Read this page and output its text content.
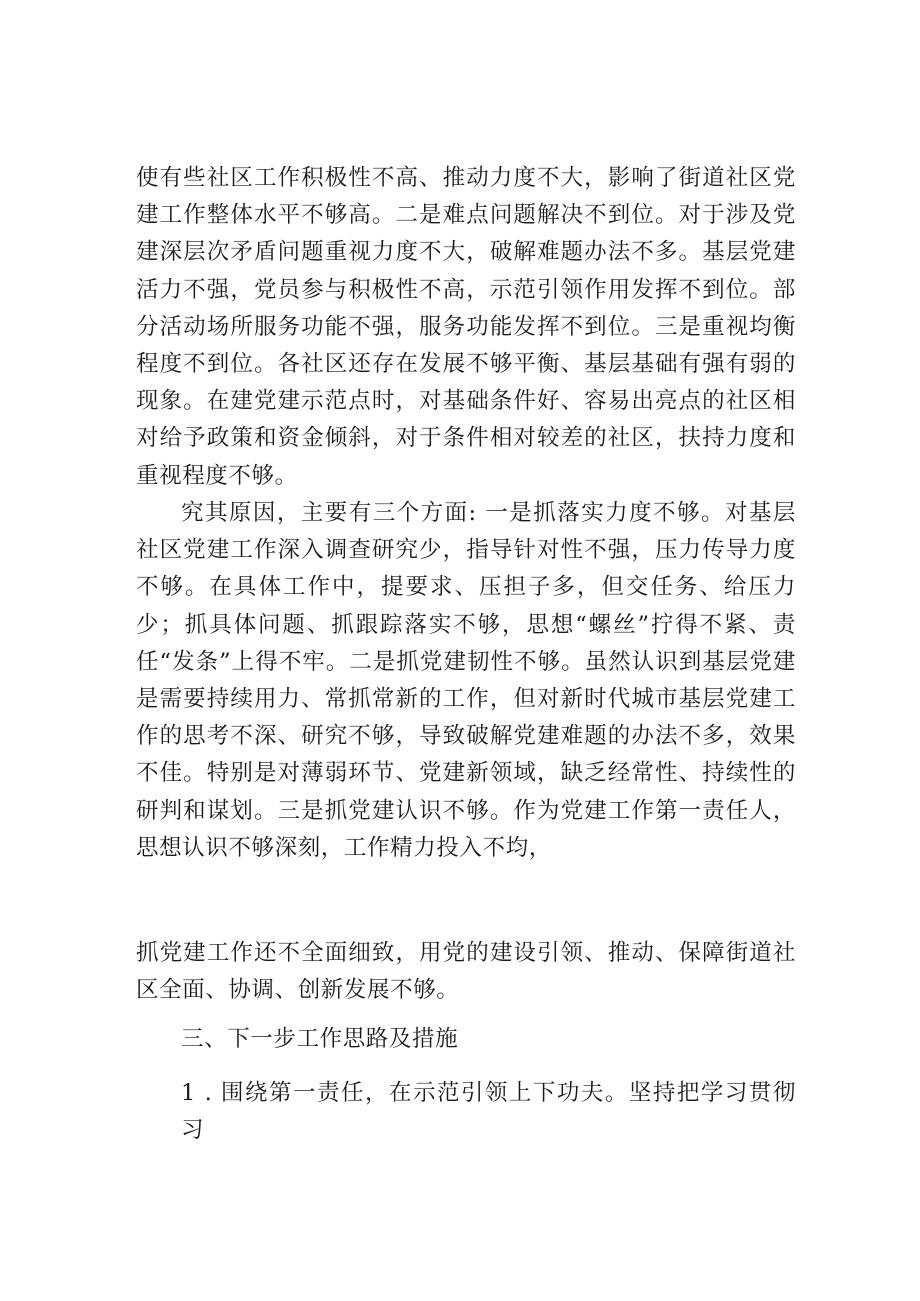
使有些社区工作积极性不高、推动力度不大，影响了街道社区党建工作整体水平不够高。二是难点问题解决不到位。对于涉及党建深层次矛盾问题重视力度不大，破解难题办法不多。基层党建活力不强，党员参与积极性不高，示范引领作用发挥不到位。部分活动场所服务功能不强，服务功能发挥不到位。三是重视均衡程度不到位。各社区还存在发展不够平衡、基层基础有强有弱的现象。在建党建示范点时，对基础条件好、容易出亮点的社区相对给予政策和资金倾斜，对于条件相对较差的社区，扶持力度和重视程度不够。

究其原因，主要有三个方面: 一是抓落实力度不够。对基层社区党建工作深入调查研究少，指导针对性不强，压力传导力度不够。在具体工作中，提要求、压担子多，但交任务、给压力少；抓具体问题、抓跟踪落实不够，思想“螺丝”拧得不紧、责任“发条”上得不牢。二是抓党建韧性不够。虽然认识到基层党建是需要持续用力、常抓常新的工作，但对新时代城市基层党建工作的思考不深、研究不够，导致破解党建难题的办法不多，效果不佳。特别是对薄弱环节、党建新领域，缺乏经常性、持续性的研判和谋划。三是抓党建认识不够。作为党建工作第一责任人，思想认识不够深刻，工作精力投入不均，

抓党建工作还不全面细致，用党的建设引领、推动、保障街道社区全面、协调、创新发展不够。

三、下一步工作思路及措施

1 . 围绕第一责任，在示范引领上下功夫。坚持把学习贯彻习
